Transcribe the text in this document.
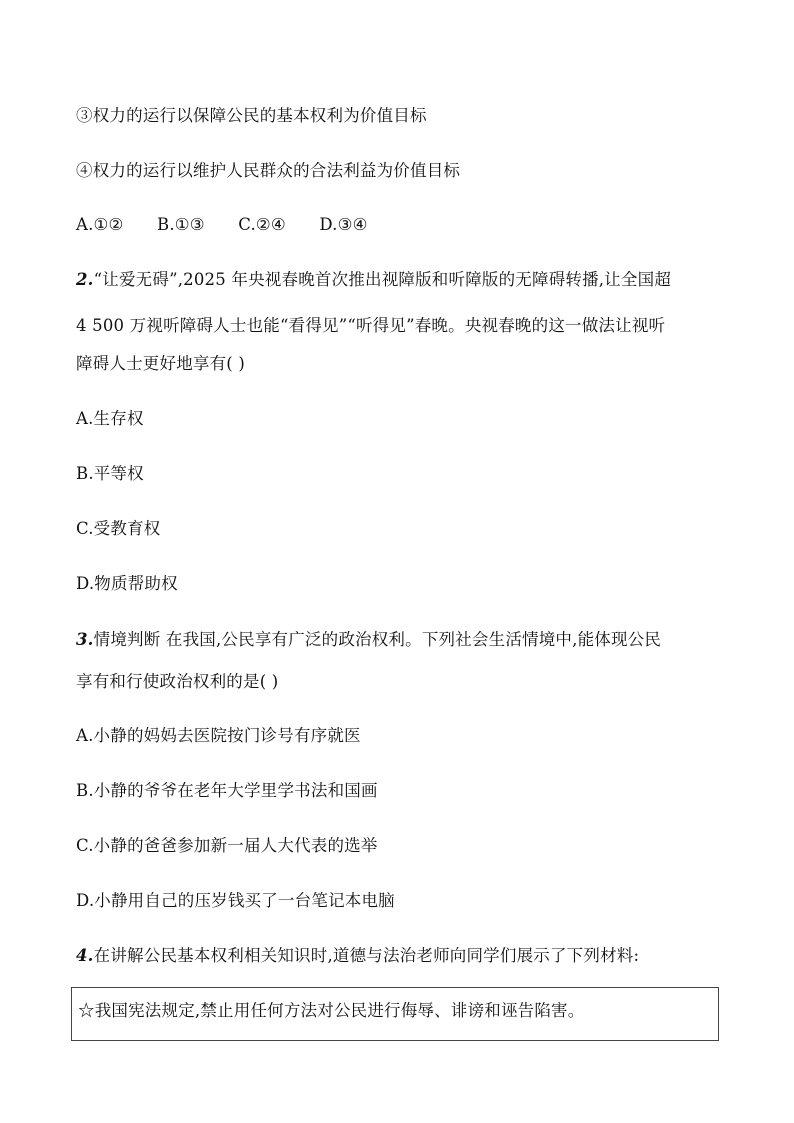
③权力的运行以保障公民的基本权利为价值目标
④权力的运行以维护人民群众的合法利益为价值目标
A.①② B.①③ C.②④ D.③④
2.“让爱无碍”,2025 年央视春晚首次推出视障版和听障版的无障碍转播,让全国超
4 500 万视听障碍人士也能“看得见”“听得见”春晚。央视春晚的这一做法让视听
障碍人士更好地享有( )
A.生存权
B.平等权
C.受教育权
D.物质帮助权
3.情境判断 在我国,公民享有广泛的政治权利。下列社会生活情境中,能体现公民
享有和行使政治权利的是( )
A.小静的妈妈去医院按门诊号有序就医
B.小静的爷爷在老年大学里学书法和国画
C.小静的爸爸参加新一届人大代表的选举
D.小静用自己的压岁钱买了一台笔记本电脑
4.在讲解公民基本权利相关知识时,道德与法治老师向同学们展示了下列材料:
☆我国宪法规定,禁止用任何方法对公民进行侮辱、诽谤和诬告陷害。
